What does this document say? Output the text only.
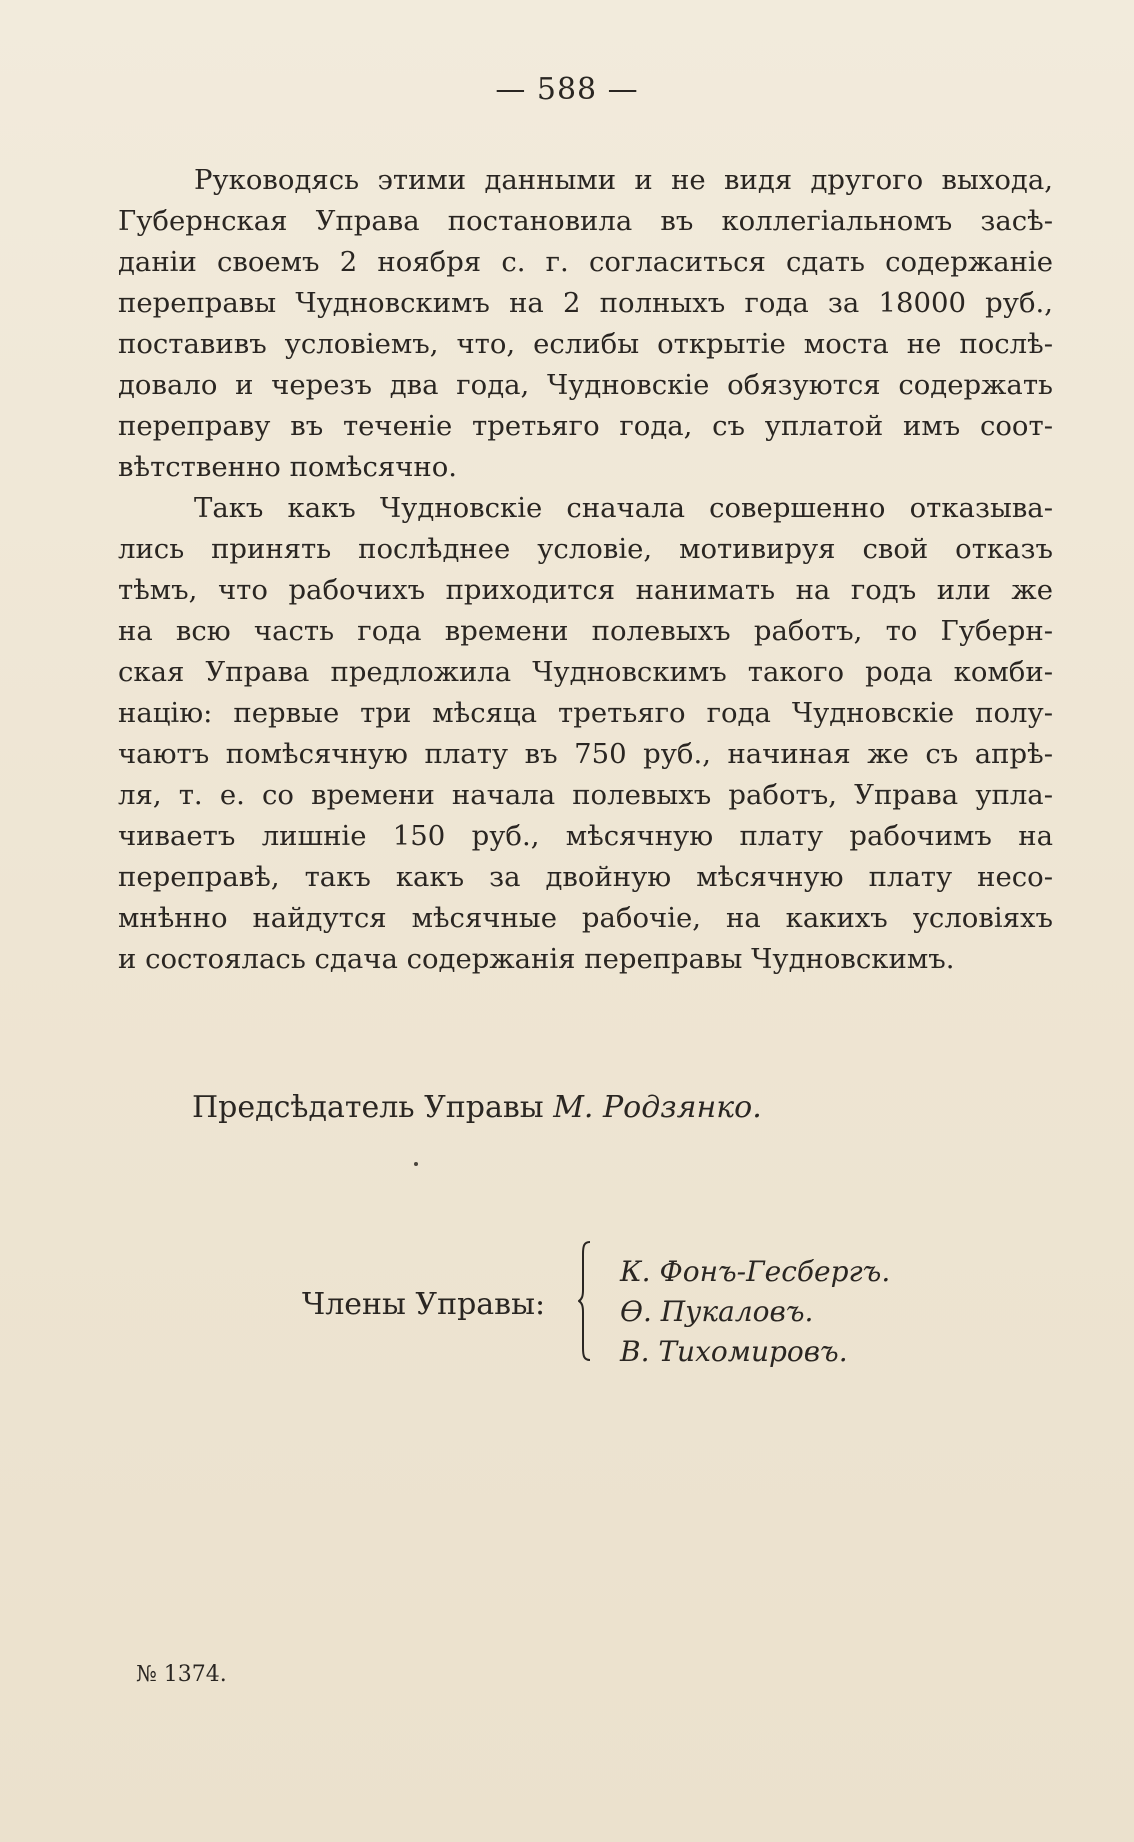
— 588 —
Руководясь этими данными и не видя другого выхода,
Губернская Управа постановила въ коллегіальномъ засѣ-
даніи своемъ 2 ноября с. г. согласиться сдать содержаніе
переправы Чудновскимъ на 2 полныхъ года за 18000 руб.,
поставивъ условіемъ, что, еслибы открытіе моста не послѣ-
довало и черезъ два года, Чудновскіе обязуются содержать
переправу въ теченіе третьяго года, съ уплатой имъ соот-
вѣтственно помѣсячно.
Такъ какъ Чудновскіе сначала совершенно отказыва-
лись принять послѣднее условіе, мотивируя свой отказъ
тѣмъ, что рабочихъ приходится нанимать на годъ или же
на всю часть года времени полевыхъ работъ, то Губерн-
ская Управа предложила Чудновскимъ такого рода комби-
націю: первые три мѣсяца третьяго года Чудновскіе полу-
чаютъ помѣсячную плату въ 750 руб., начиная же съ апрѣ-
ля, т. е. со времени начала полевыхъ работъ, Управа упла-
чиваетъ лишніе 150 руб., мѣсячную плату рабочимъ на
переправѣ, такъ какъ за двойную мѣсячную плату несо-
мнѣнно найдутся мѣсячные рабочіе, на какихъ условіяхъ
и состоялась сдача содержанія переправы Чудновскимъ.
Предсѣдатель Управы М. Родзянко.
Члены Управы:
К. Фонъ-Гесбергъ.
Ѳ. Пукаловъ.
В. Тихомировъ.
№ 1374.
